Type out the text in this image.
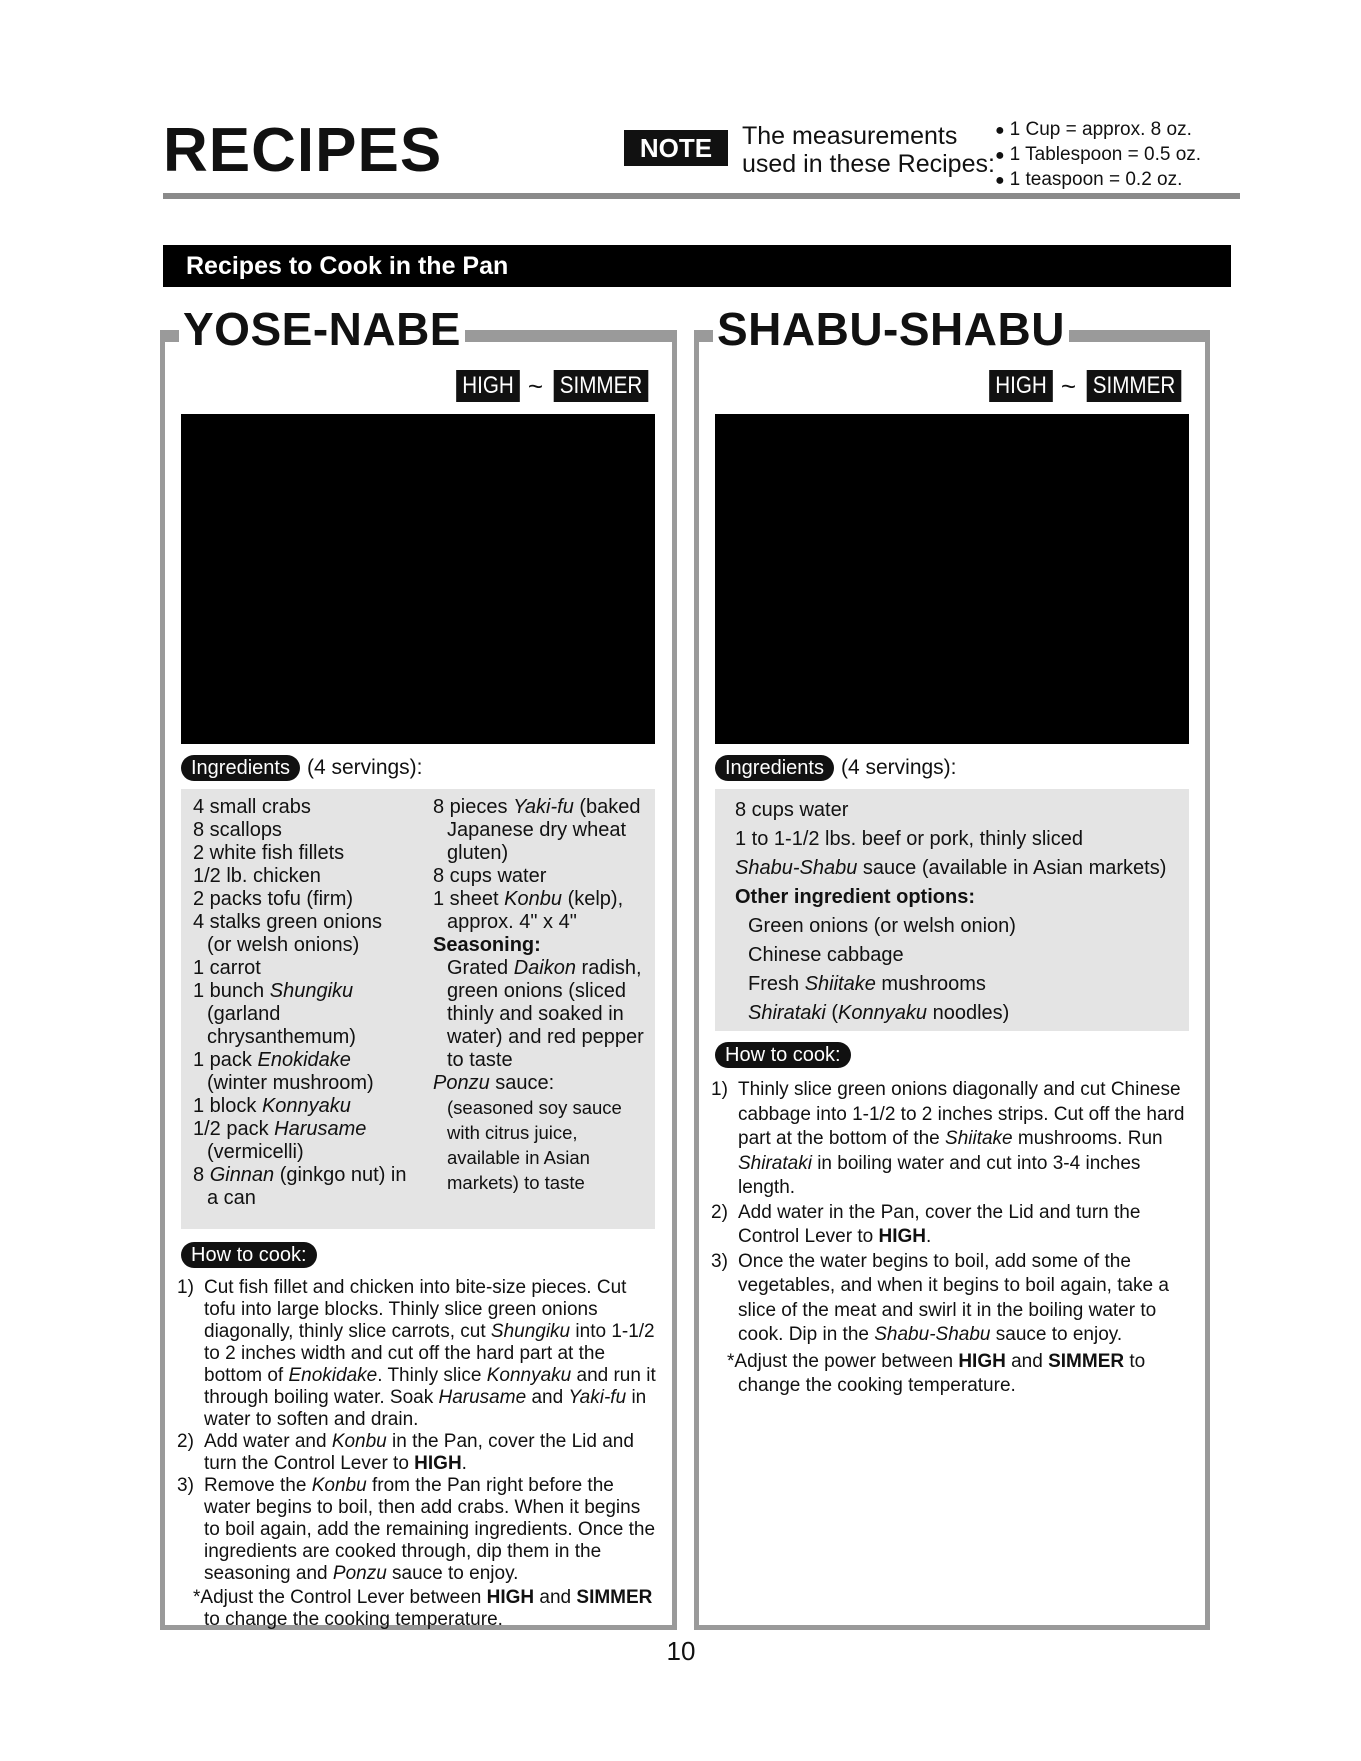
RECIPES	NOTE	The measurements
used in these Recipes:
● 1 Cup = approx. 8 oz.
● 1 Tablespoon = 0.5 oz.
● 1 teaspoon = 0.2 oz.
Recipes to Cook in the Pan
YOSE-NABE
HIGH ~ SIMMER
Ingredients (4 servings):
4 small crabs
8 scallops
2 white fish fillets
1/2 lb. chicken
2 packs tofu (firm)
4 stalks green onions (or welsh onions)
1 carrot
1 bunch Shungiku (garland chrysanthemum)
1 pack Enokidake (winter mushroom)
1 block Konnyaku
1/2 pack Harusame (vermicelli)
8 Ginnan (ginkgo nut) in a can
8 pieces Yaki-fu (baked Japanese dry wheat gluten)
8 cups water
1 sheet Konbu (kelp), approx. 4" x 4"
Seasoning:
Grated Daikon radish, green onions (sliced thinly and soaked in water) and red pepper to taste
Ponzu sauce:
(seasoned soy sauce with citrus juice, available in Asian markets) to taste
How to cook:
1) Cut fish fillet and chicken into bite-size pieces. Cut tofu into large blocks. Thinly slice green onions diagonally, thinly slice carrots, cut Shungiku into 1-1/2 to 2 inches width and cut off the hard part at the bottom of Enokidake. Thinly slice Konnyaku and run it through boiling water. Soak Harusame and Yaki-fu in water to soften and drain.
2) Add water and Konbu in the Pan, cover the Lid and turn the Control Lever to HIGH.
3) Remove the Konbu from the Pan right before the water begins to boil, then add crabs. When it begins to boil again, add the remaining ingredients. Once the ingredients are cooked through, dip them in the seasoning and Ponzu sauce to enjoy.
*Adjust the Control Lever between HIGH and SIMMER to change the cooking temperature.
SHABU-SHABU
HIGH ~ SIMMER
Ingredients (4 servings):
8 cups water
1 to 1-1/2 lbs. beef or pork, thinly sliced
Shabu-Shabu sauce (available in Asian markets)
Other ingredient options:
Green onions (or welsh onion)
Chinese cabbage
Fresh Shiitake mushrooms
Shirataki (Konnyaku noodles)
How to cook:
1) Thinly slice green onions diagonally and cut Chinese cabbage into 1-1/2 to 2 inches strips. Cut off the hard part at the bottom of the Shiitake mushrooms. Run Shirataki in boiling water and cut into 3-4 inches length.
2) Add water in the Pan, cover the Lid and turn the Control Lever to HIGH.
3) Once the water begins to boil, add some of the vegetables, and when it begins to boil again, take a slice of the meat and swirl it in the boiling water to cook. Dip in the Shabu-Shabu sauce to enjoy.
*Adjust the power between HIGH and SIMMER to change the cooking temperature.
10
